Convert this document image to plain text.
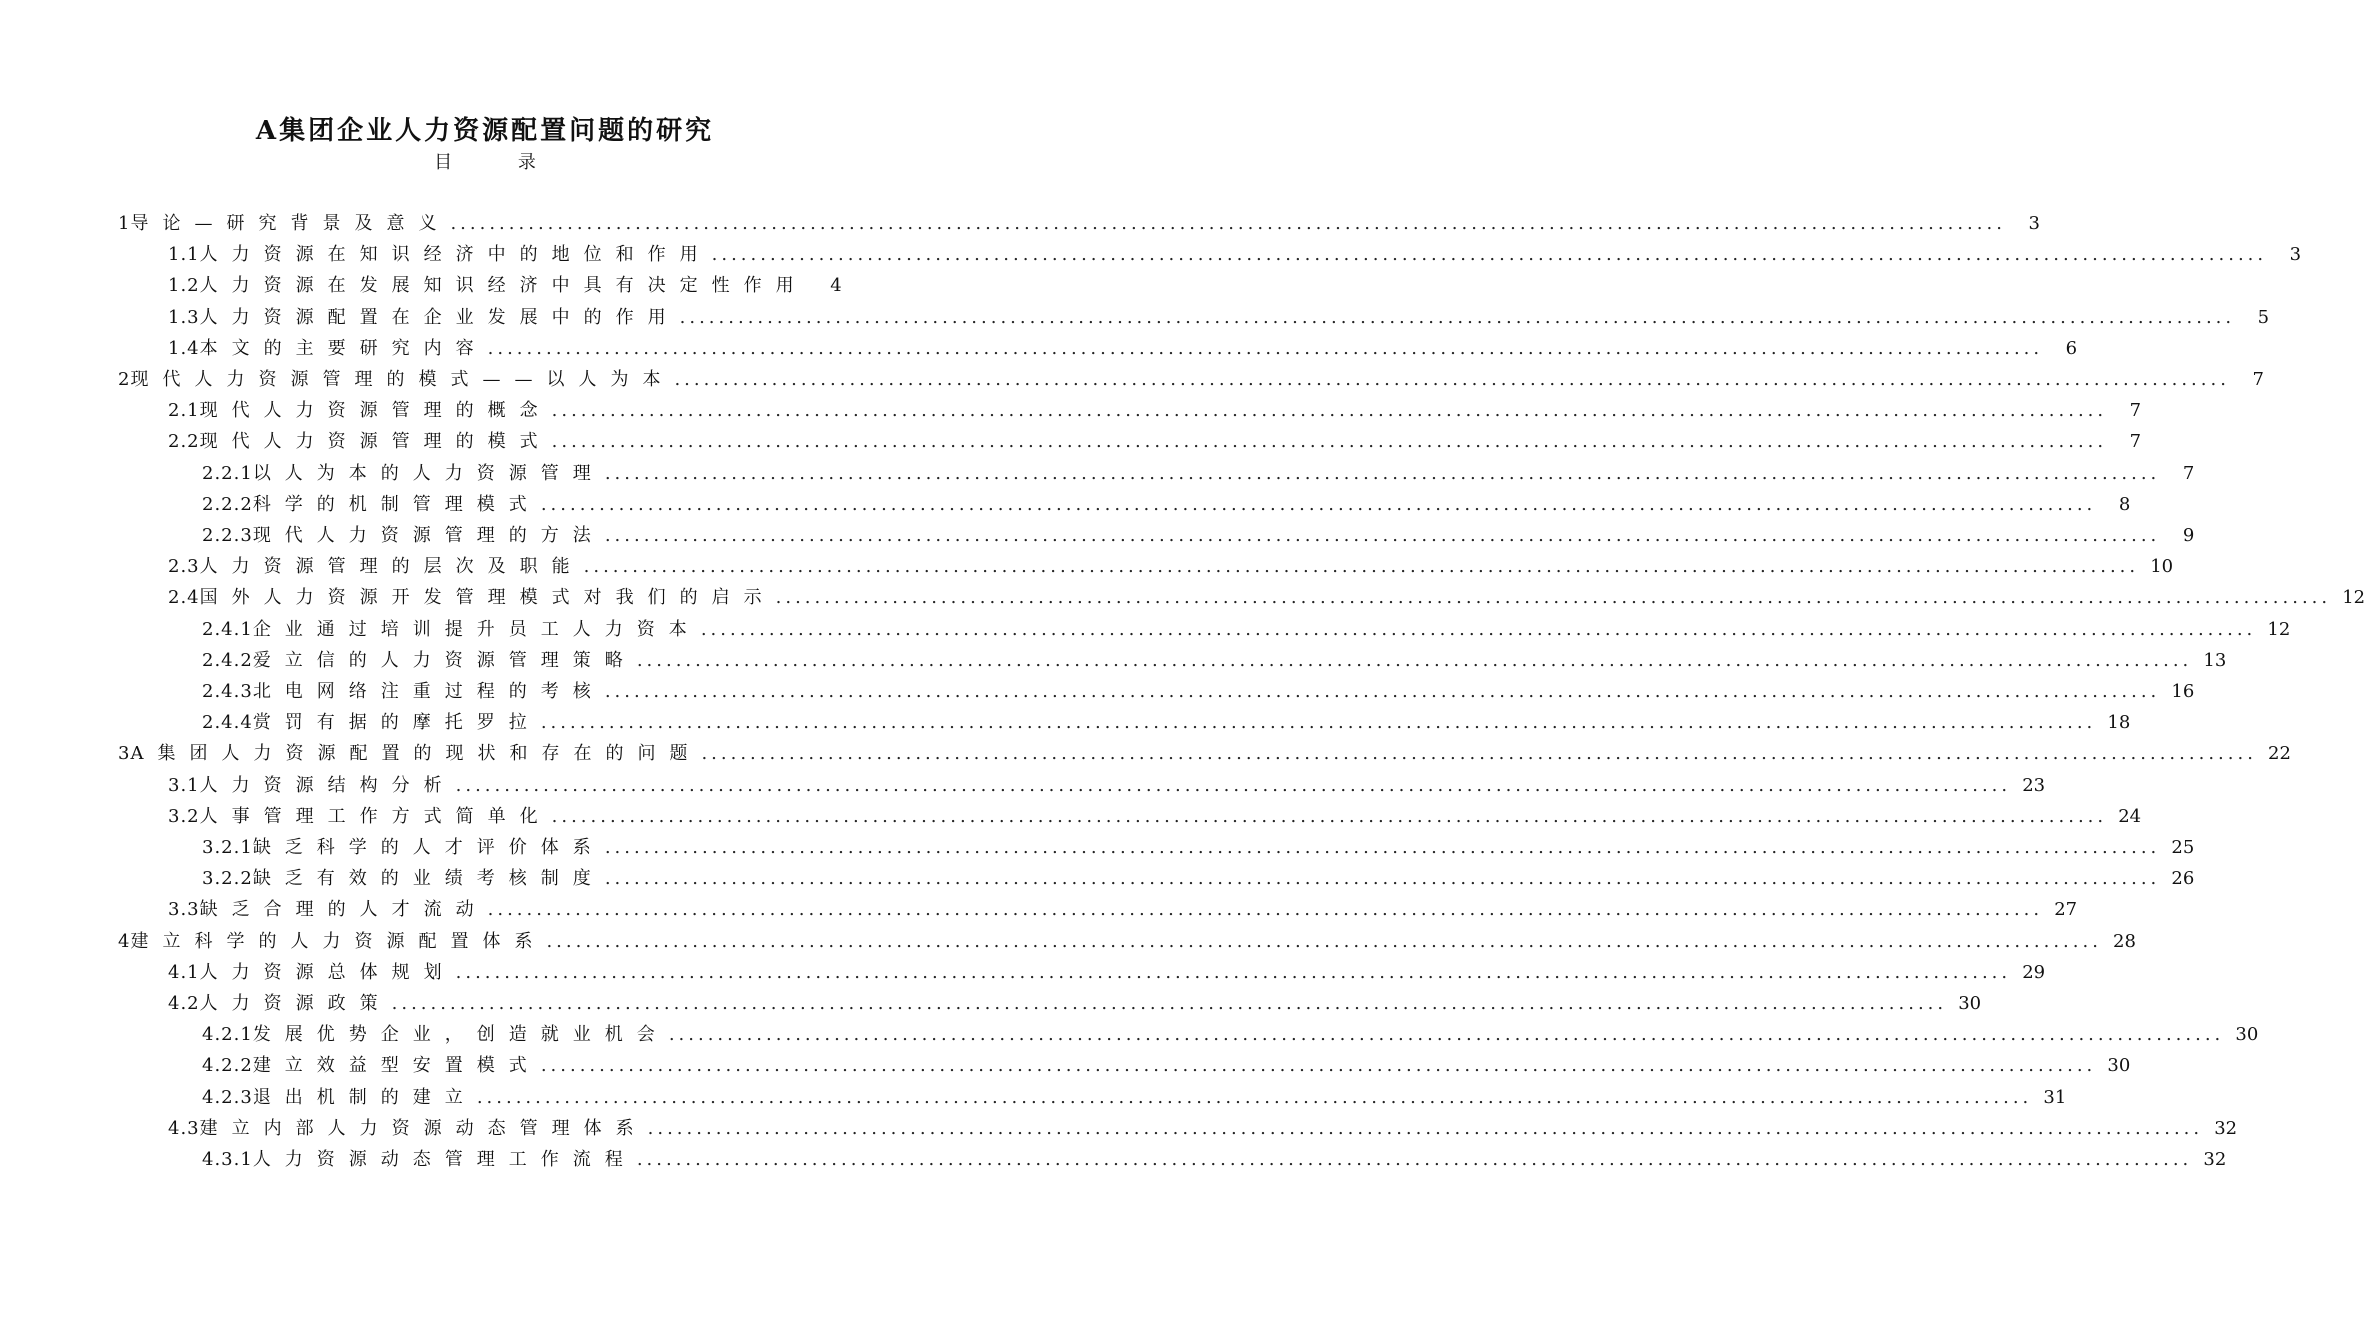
A集团企业人力资源配置问题的研究
目 录
1 导论—研究背景及意义 .....	3
1.1 人力资源在知识经济中的地位和作用 .....	3
1.2 人力资源在发展知识经济中具有决定性作用	4
1.3 人力资源配置在企业发展中的作用 .....	5
1.4 本文的主要研究内容 .....	6
2 现代人力资源管理的模式——以人为本 .....	7
2.1 现代人力资源管理的概念 .....	7
2.2 现代人力资源管理的模式 .....	7
2.2.1 以人为本的人力资源管理 .....	7
2.2.2 科学的机制管理模式 .....	8
2.2.3 现代人力资源管理的方法 .....	9
2.3 人力资源管理的层次及职能 .....	10
2.4 国外人力资源开发管理模式对我们的启示 .....	12
2.4.1 企业通过培训提升员工人力资本 .....	12
2.4.2 爱立信的人力资源管理策略 .....	13
2.4.3 北电网络注重过程的考核 .....	16
2.4.4 赏罚有据的摩托罗拉 .....	18
3 A集团人力资源配置的现状和存在的问题 .....	22
3.1 人力资源结构分析 .....	23
3.2 人事管理工作方式简单化 .....	24
3.2.1 缺乏科学的人才评价体系 .....	25
3.2.2 缺乏有效的业绩考核制度 .....	26
3.3 缺乏合理的人才流动 .....	27
4 建立科学的人力资源配置体系 .....	28
4.1 人力资源总体规划 .....	29
4.2 人力资源政策 .....	30
4.2.1 发展优势企业，创造就业机会 .....	30
4.2.2 建立效益型安置模式 .....	30
4.2.3 退出机制的建立 .....	31
4.3 建立内部人力资源动态管理体系 .....	32
4.3.1 人力资源动态管理工作流程 .....	32
